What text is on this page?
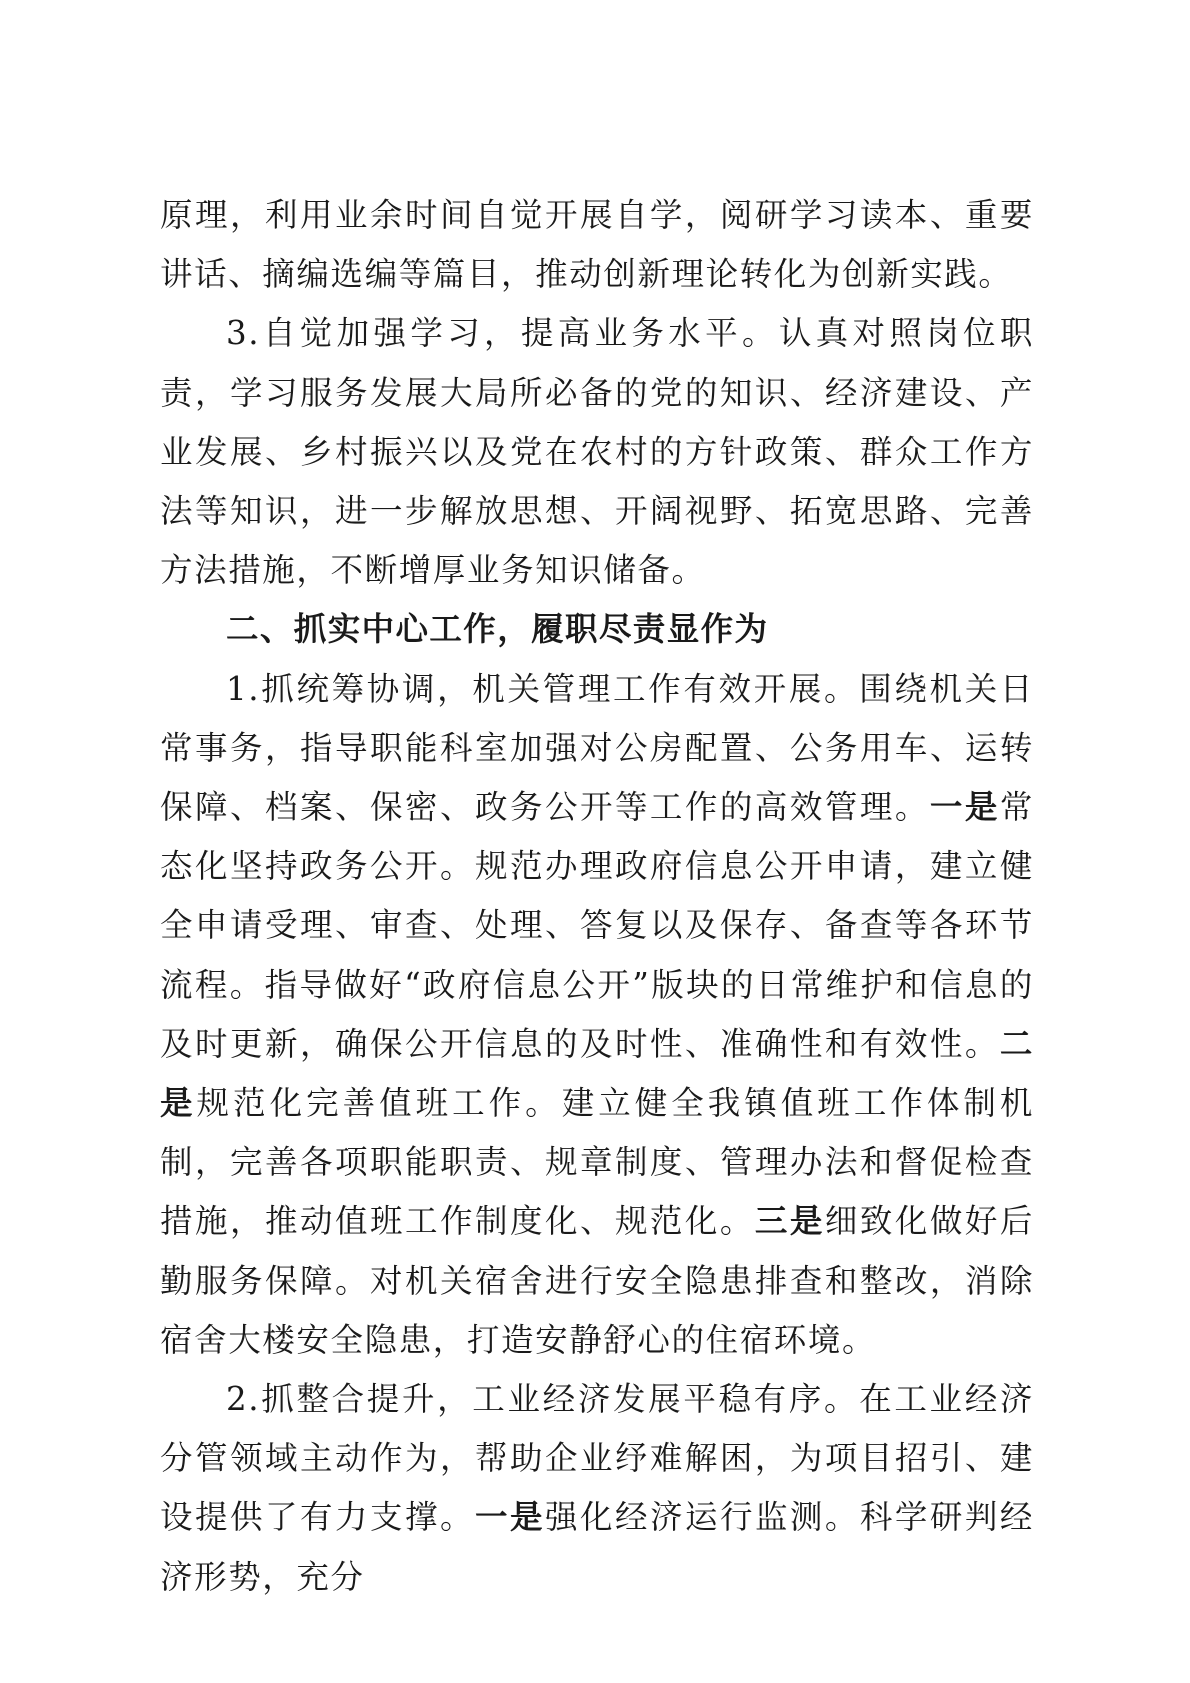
原理，利用业余时间自觉开展自学，阅研学习读本、重要讲话、摘编选编等篇目，推动创新理论转化为创新实践。

3.自觉加强学习，提高业务水平。认真对照岗位职责，学习服务发展大局所必备的党的知识、经济建设、产业发展、乡村振兴以及党在农村的方针政策、群众工作方法等知识，进一步解放思想、开阔视野、拓宽思路、完善方法措施，不断增厚业务知识储备。

二、抓实中心工作，履职尽责显作为

1.抓统筹协调，机关管理工作有效开展。围绕机关日常事务，指导职能科室加强对公房配置、公务用车、运转保障、档案、保密、政务公开等工作的高效管理。一是常态化坚持政务公开。规范办理政府信息公开申请，建立健全申请受理、审查、处理、答复以及保存、备查等各环节流程。指导做好“政府信息公开”版块的日常维护和信息的及时更新，确保公开信息的及时性、准确性和有效性。二是规范化完善值班工作。建立健全我镇值班工作体制机制，完善各项职能职责、规章制度、管理办法和督促检查措施，推动值班工作制度化、规范化。三是细致化做好后勤服务保障。对机关宿舍进行安全隐患排查和整改，消除宿舍大楼安全隐患，打造安静舒心的住宿环境。

2.抓整合提升，工业经济发展平稳有序。在工业经济分管领域主动作为，帮助企业纾难解困，为项目招引、建设提供了有力支撑。一是强化经济运行监测。科学研判经济形势，充分
